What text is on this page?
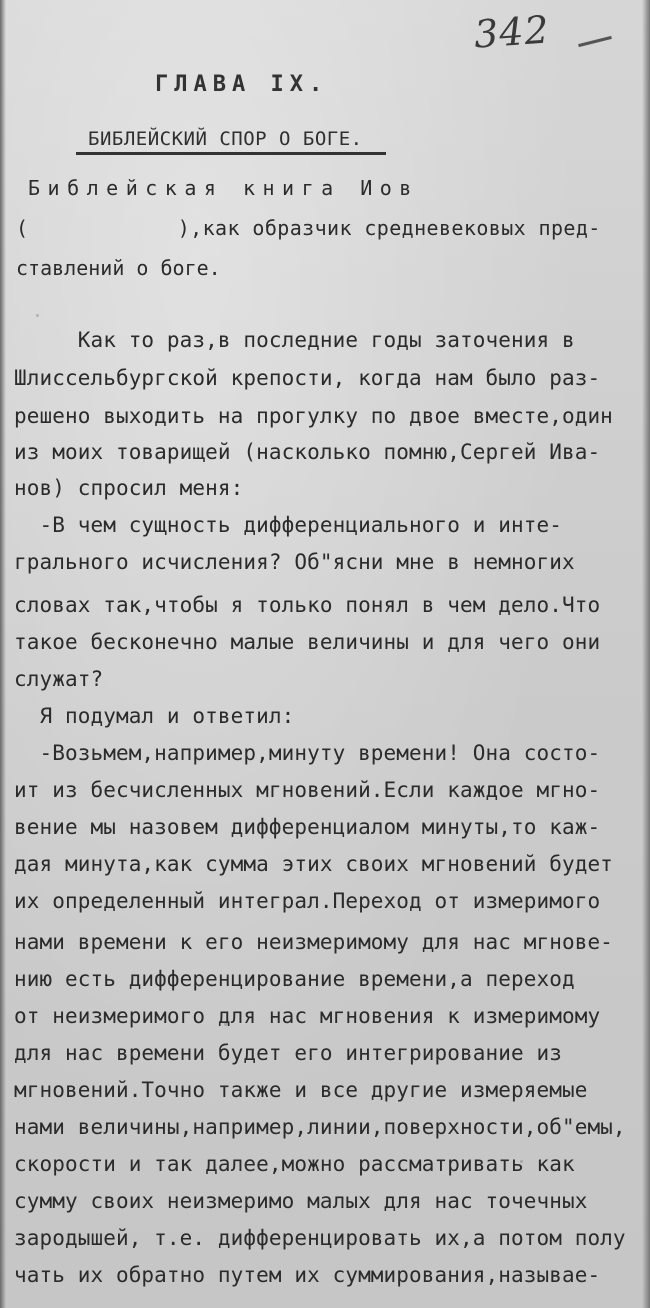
342
ГЛАВА IX.
БИБЛЕЙСКИЙ СПОР О БОГЕ.
Библейская книга Иов
(            ),как образчик средневековых пред-
ставлений о боге.
Как то раз,в последние годы заточения в
Шлиссельбургской крепости, когда нам было раз-
решено выходить на прогулку по двое вместе,один
из моих товарищей (насколько помню,Сергей Ива-
нов) спросил меня:
-В чем сущность дифференциального и инте-
грального исчисления? Об"ясни мне в немногих
словах так,чтобы я только понял в чем дело.Что
такое бесконечно малые величины и для чего они
служат?
Я подумал и ответил:
-Возьмем,например,минуту времени! Она состо-
ит из бесчисленных мгновений.Если каждое мгно-
вение мы назовем дифференциалом минуты,то каж-
дая минута,как сумма этих своих мгновений будет
их определенный интеграл.Переход от измеримого
нами времени к его неизмеримому для нас мгнове-
нию есть дифференцирование времени,а переход
от неизмеримого для нас мгновения к измеримому
для нас времени будет его интегрирование из
мгновений.Точно также и все другие измеряемые
нами величины,например,линии,поверхности,об"емы,
скорости и так далее,можно рассматривать как
сумму своих неизмеримо малых для нас точечных
зародышей, т.е. дифференцировать их,а потом полу
чать их обратно путем их суммирования,называе-
